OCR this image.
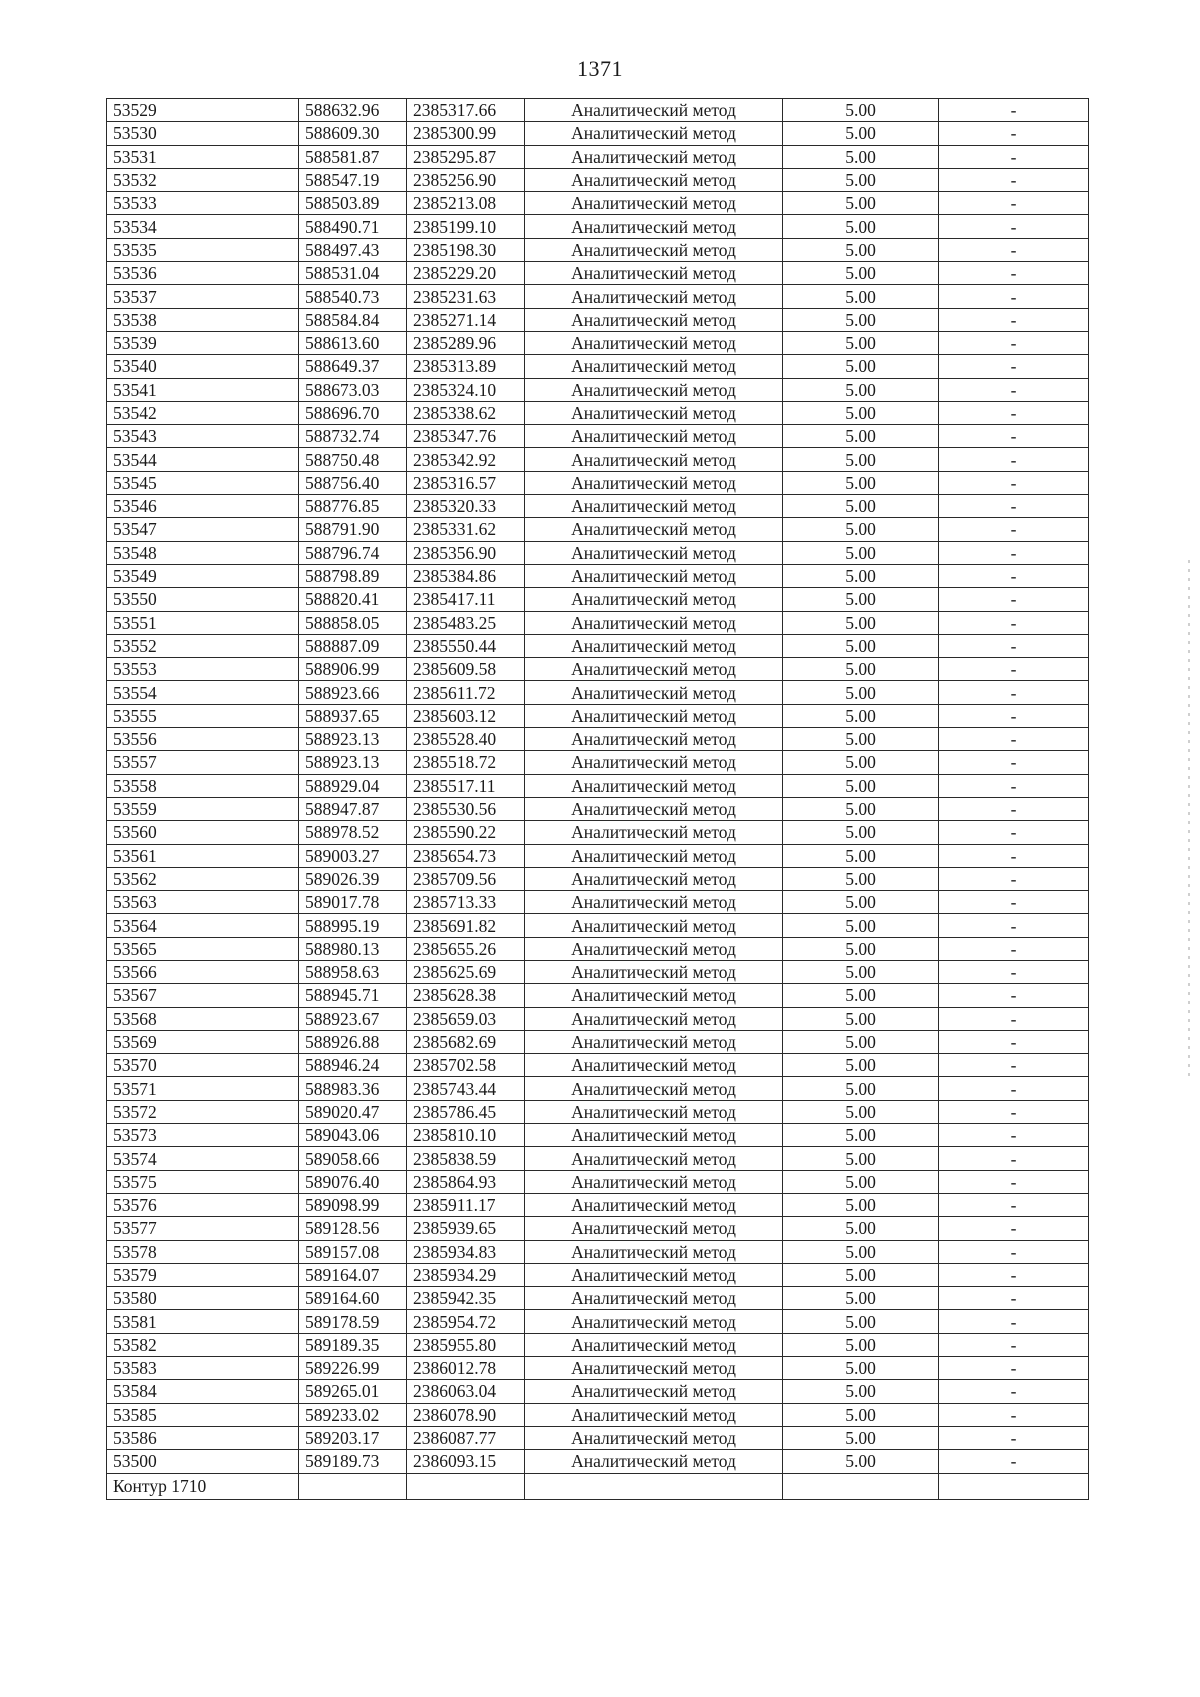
1371
53529	588632.96	2385317.66	Аналитический метод	5.00	-
53530	588609.30	2385300.99	Аналитический метод	5.00	-
53531	588581.87	2385295.87	Аналитический метод	5.00	-
53532	588547.19	2385256.90	Аналитический метод	5.00	-
53533	588503.89	2385213.08	Аналитический метод	5.00	-
53534	588490.71	2385199.10	Аналитический метод	5.00	-
53535	588497.43	2385198.30	Аналитический метод	5.00	-
53536	588531.04	2385229.20	Аналитический метод	5.00	-
53537	588540.73	2385231.63	Аналитический метод	5.00	-
53538	588584.84	2385271.14	Аналитический метод	5.00	-
53539	588613.60	2385289.96	Аналитический метод	5.00	-
53540	588649.37	2385313.89	Аналитический метод	5.00	-
53541	588673.03	2385324.10	Аналитический метод	5.00	-
53542	588696.70	2385338.62	Аналитический метод	5.00	-
53543	588732.74	2385347.76	Аналитический метод	5.00	-
53544	588750.48	2385342.92	Аналитический метод	5.00	-
53545	588756.40	2385316.57	Аналитический метод	5.00	-
53546	588776.85	2385320.33	Аналитический метод	5.00	-
53547	588791.90	2385331.62	Аналитический метод	5.00	-
53548	588796.74	2385356.90	Аналитический метод	5.00	-
53549	588798.89	2385384.86	Аналитический метод	5.00	-
53550	588820.41	2385417.11	Аналитический метод	5.00	-
53551	588858.05	2385483.25	Аналитический метод	5.00	-
53552	588887.09	2385550.44	Аналитический метод	5.00	-
53553	588906.99	2385609.58	Аналитический метод	5.00	-
53554	588923.66	2385611.72	Аналитический метод	5.00	-
53555	588937.65	2385603.12	Аналитический метод	5.00	-
53556	588923.13	2385528.40	Аналитический метод	5.00	-
53557	588923.13	2385518.72	Аналитический метод	5.00	-
53558	588929.04	2385517.11	Аналитический метод	5.00	-
53559	588947.87	2385530.56	Аналитический метод	5.00	-
53560	588978.52	2385590.22	Аналитический метод	5.00	-
53561	589003.27	2385654.73	Аналитический метод	5.00	-
53562	589026.39	2385709.56	Аналитический метод	5.00	-
53563	589017.78	2385713.33	Аналитический метод	5.00	-
53564	588995.19	2385691.82	Аналитический метод	5.00	-
53565	588980.13	2385655.26	Аналитический метод	5.00	-
53566	588958.63	2385625.69	Аналитический метод	5.00	-
53567	588945.71	2385628.38	Аналитический метод	5.00	-
53568	588923.67	2385659.03	Аналитический метод	5.00	-
53569	588926.88	2385682.69	Аналитический метод	5.00	-
53570	588946.24	2385702.58	Аналитический метод	5.00	-
53571	588983.36	2385743.44	Аналитический метод	5.00	-
53572	589020.47	2385786.45	Аналитический метод	5.00	-
53573	589043.06	2385810.10	Аналитический метод	5.00	-
53574	589058.66	2385838.59	Аналитический метод	5.00	-
53575	589076.40	2385864.93	Аналитический метод	5.00	-
53576	589098.99	2385911.17	Аналитический метод	5.00	-
53577	589128.56	2385939.65	Аналитический метод	5.00	-
53578	589157.08	2385934.83	Аналитический метод	5.00	-
53579	589164.07	2385934.29	Аналитический метод	5.00	-
53580	589164.60	2385942.35	Аналитический метод	5.00	-
53581	589178.59	2385954.72	Аналитический метод	5.00	-
53582	589189.35	2385955.80	Аналитический метод	5.00	-
53583	589226.99	2386012.78	Аналитический метод	5.00	-
53584	589265.01	2386063.04	Аналитический метод	5.00	-
53585	589233.02	2386078.90	Аналитический метод	5.00	-
53586	589203.17	2386087.77	Аналитический метод	5.00	-
53500	589189.73	2386093.15	Аналитический метод	5.00	-
Контур 1710					
